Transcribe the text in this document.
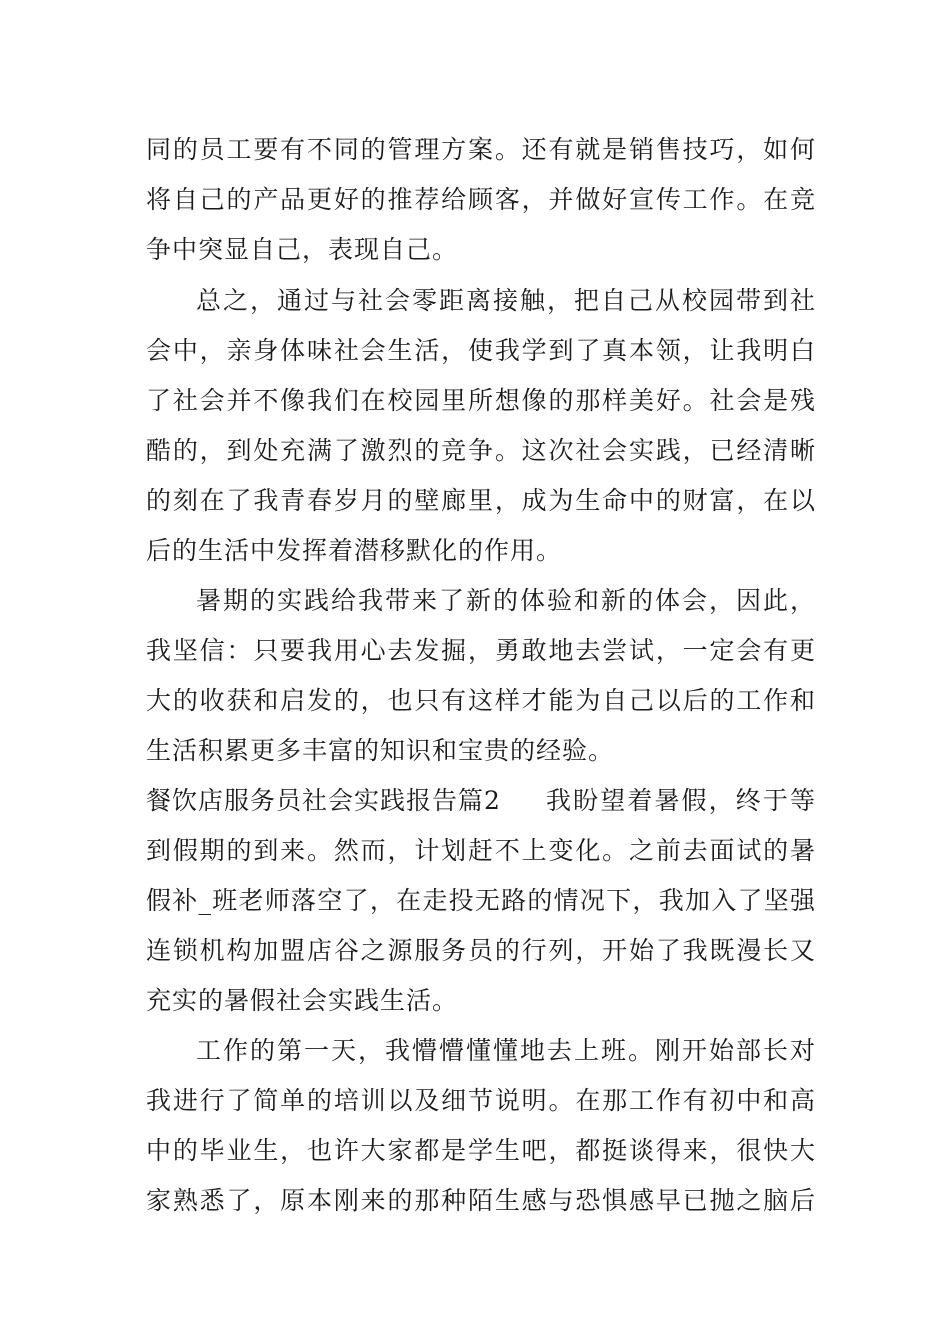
同的员工要有不同的管理方案。还有就是销售技巧，如何
将自己的产品更好的推荐给顾客，并做好宣传工作。在竞
争中突显自己，表现自己。
总之，通过与社会零距离接触，把自己从校园带到社
会中，亲身体味社会生活，使我学到了真本领，让我明白
了社会并不像我们在校园里所想像的那样美好。社会是残
酷的，到处充满了激烈的竞争。这次社会实践，已经清晰
的刻在了我青春岁月的壁廊里，成为生命中的财富，在以
后的生活中发挥着潜移默化的作用。
暑期的实践给我带来了新的体验和新的体会，因此，
我坚信：只要我用心去发掘，勇敢地去尝试，一定会有更
大的收获和启发的，也只有这样才能为自己以后的工作和
生活积累更多丰富的知识和宝贵的经验。
餐饮店服务员社会实践报告篇2 我盼望着暑假，终于等
到假期的到来。然而，计划赶不上变化。之前去面试的暑
假补_班老师落空了，在走投无路的情况下，我加入了坚强
连锁机构加盟店谷之源服务员的行列，开始了我既漫长又
充实的暑假社会实践生活。
工作的第一天，我懵懵懂懂地去上班。刚开始部长对
我进行了简单的培训以及细节说明。在那工作有初中和高
中的毕业生，也许大家都是学生吧，都挺谈得来，很快大
家熟悉了，原本刚来的那种陌生感与恐惧感早已抛之脑后
